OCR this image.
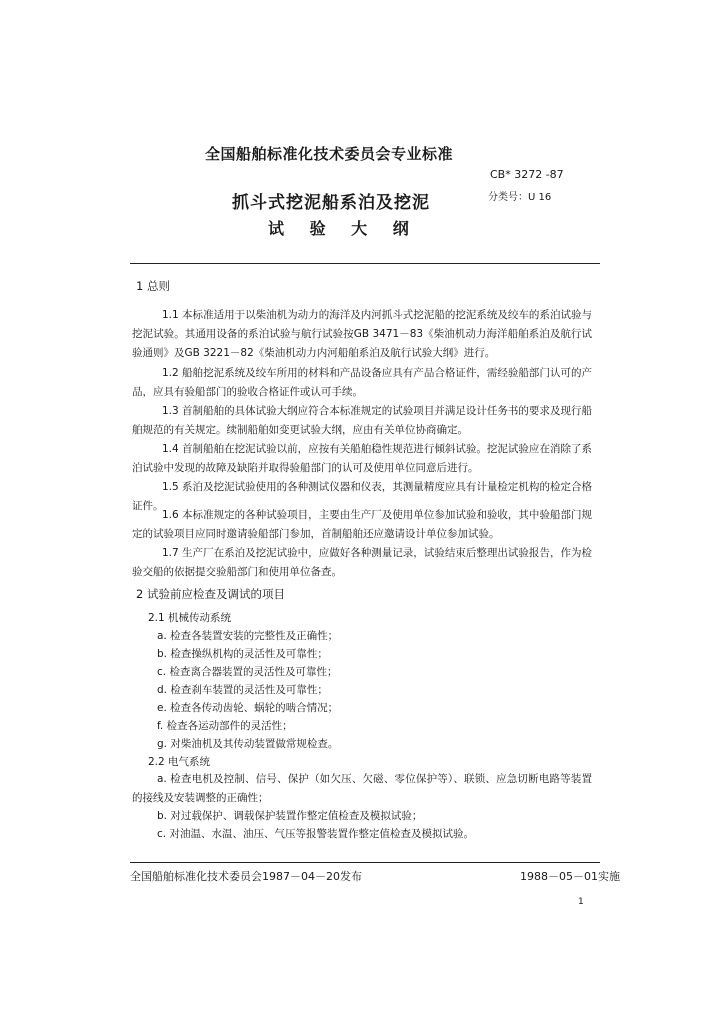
全国船舶标准化技术委员会专业标准
CB* 3272 -87
分类号：U 16
抓斗式挖泥船系泊及挖泥
试 验 大 纲
1 总则
1.1 本标准适用于以柴油机为动力的海洋及内河抓斗式挖泥船的挖泥系统及绞车的系泊试验与挖泥试验。其通用设备的系泊试验与航行试验按GB 3471－83《柴油机动力海洋船舶系泊及航行试验通则》及GB 3221－82《柴油机动力内河船舶系泊及航行试验大纲》进行。
1.2 船舶挖泥系统及绞车所用的材料和产品设备应具有产品合格证件，需经验船部门认可的产品，应具有验船部门的验收合格证件或认可手续。
1.3 首制船舶的具体试验大纲应符合本标准规定的试验项目并满足设计任务书的要求及现行船舶规范的有关规定。续制船舶如变更试验大纲，应由有关单位协商确定。
1.4 首制船舶在挖泥试验以前，应按有关船舶稳性规范进行倾斜试验。挖泥试验应在消除了系泊试验中发现的故障及缺陷并取得验船部门的认可及使用单位同意后进行。
1.5 系泊及挖泥试验使用的各种测试仪器和仪表，其测量精度应具有计量检定机构的检定合格证件。
1.6 本标准规定的各种试验项目，主要由生产厂及使用单位参加试验和验收，其中验船部门规定的试验项目应同时邀请验船部门参加，首制船舶还应邀请设计单位参加试验。
1.7 生产厂在系泊及挖泥试验中，应做好各种测量记录，试验结束后整理出试验报告，作为检验交船的依据提交验船部门和使用单位备查。
2 试验前应检查及调试的项目
2.1 机械传动系统
a. 检查各装置安装的完整性及正确性；
b. 检查操纵机构的灵活性及可靠性；
c. 检查离合器装置的灵活性及可靠性；
d. 检查刹车装置的灵活性及可靠性；
e. 检查各传动齿轮、蜗轮的啮合情况；
f. 检查各运动部件的灵活性；
g. 对柴油机及其传动装置做常规检查。
2.2 电气系统
a. 检查电机及控制、信号、保护（如欠压、欠磁、零位保护等）、联锁、应急切断电路等装置的接线及安装调整的正确性；
b. 对过载保护、调载保护装置作整定值检查及模拟试验；
c. 对油温、水温、油压、气压等报警装置作整定值检查及模拟试验。
全国船舶标准化技术委员会1987－04－20发布	1988－05－01实施
1
